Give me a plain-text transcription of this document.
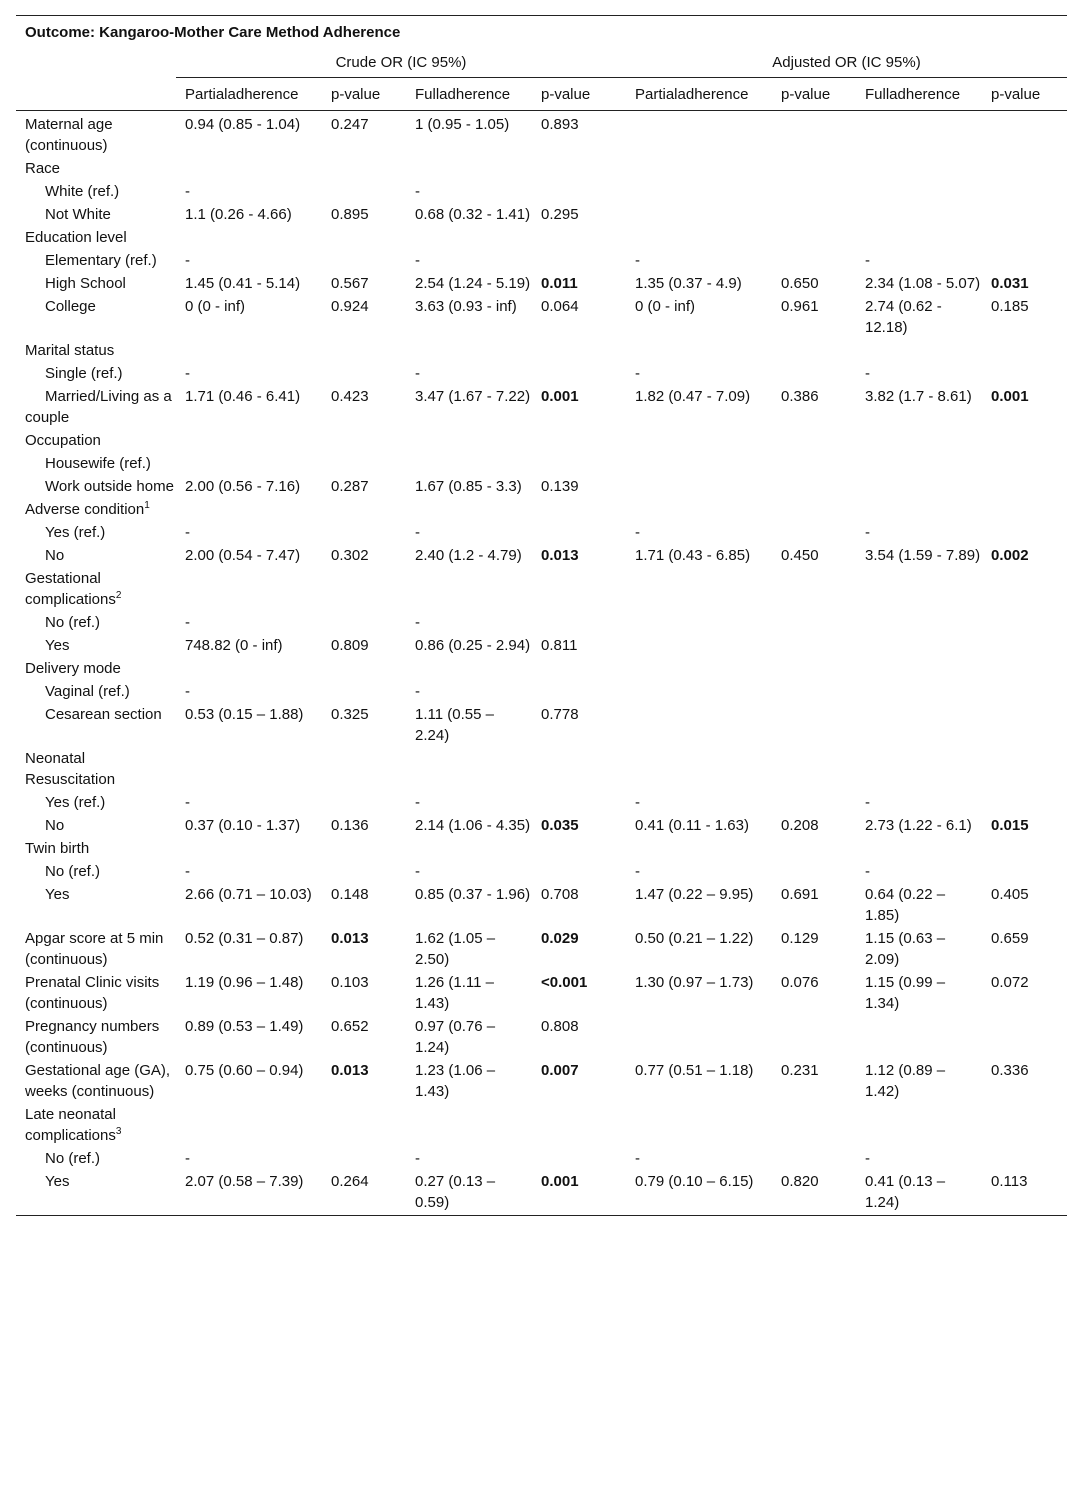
Outcome: Kangaroo-Mother Care Method Adherence								
	Crude OR (IC 95%)				Adjusted OR (IC 95%)			
	Partialadherence	p-value	Fulladherence	p-value	Partialadherence	p-value	Fulladherence	p-value
Maternal age (continuous)	0.94 (0.85 - 1.04)	0.247	1 (0.95 - 1.05)	0.893				
Race								
White (ref.)	-		-					
Not White	1.1 (0.26 - 4.66)	0.895	0.68 (0.32 - 1.41)	0.295				
Education level								
Elementary (ref.)	-		-		-		-	
High School	1.45 (0.41 - 5.14)	0.567	2.54 (1.24 - 5.19)	0.011	1.35 (0.37 - 4.9)	0.650	2.34 (1.08 - 5.07)	0.031
College	0 (0 - inf)	0.924	3.63 (0.93 - inf)	0.064	0 (0 - inf)	0.961	2.74 (0.62 - 12.18)	0.185
Marital status								
Single (ref.)	-		-		-		-	
Married/Living as a couple	1.71 (0.46 - 6.41)	0.423	3.47 (1.67 - 7.22)	0.001	1.82 (0.47 - 7.09)	0.386	3.82 (1.7 - 8.61)	0.001
Occupation								
Housewife (ref.)								
Work outside home	2.00 (0.56 - 7.16)	0.287	1.67 (0.85 - 3.3)	0.139				
Adverse condition$^1$								
Yes (ref.)	-		-		-		-	
No	2.00 (0.54 - 7.47)	0.302	2.40 (1.2 - 4.79)	0.013	1.71 (0.43 - 6.85)	0.450	3.54 (1.59 - 7.89)	0.002
Gestational complications$^2$								
No (ref.)	-		-					
Yes	748.82 (0 - inf)	0.809	0.86 (0.25 - 2.94)	0.811				
Delivery mode								
Vaginal (ref.)	-		-					
Cesarean section	0.53 (0.15 – 1.88)	0.325	1.11 (0.55 – 2.24)	0.778				
Neonatal Resuscitation								
Yes (ref.)	-		-		-		-	
No	0.37 (0.10 - 1.37)	0.136	2.14 (1.06 - 4.35)	0.035	0.41 (0.11 - 1.63)	0.208	2.73 (1.22 - 6.1)	0.015
Twin birth								
No (ref.)	-		-		-		-	
Yes	2.66 (0.71 – 10.03)	0.148	0.85 (0.37 - 1.96)	0.708	1.47 (0.22 – 9.95)	0.691	0.64 (0.22 – 1.85)	0.405
Apgar score at 5 min (continuous)	0.52 (0.31 – 0.87)	0.013	1.62 (1.05 – 2.50)	0.029	0.50 (0.21 – 1.22)	0.129	1.15 (0.63 – 2.09)	0.659
Prenatal Clinic visits (continuous)	1.19 (0.96 – 1.48)	0.103	1.26 (1.11 – 1.43)	<0.001	1.30 (0.97 – 1.73)	0.076	1.15 (0.99 – 1.34)	0.072
Pregnancy numbers (continuous)	0.89 (0.53 – 1.49)	0.652	0.97 (0.76 – 1.24)	0.808				
Gestational age (GA), weeks (continuous)	0.75 (0.60 – 0.94)	0.013	1.23 (1.06 – 1.43)	0.007	0.77 (0.51 – 1.18)	0.231	1.12 (0.89 – 1.42)	0.336
Late neonatal complications$^3$								
No (ref.)	-		-		-		-	
Yes	2.07 (0.58 – 7.39)	0.264	0.27 (0.13 – 0.59)	0.001	0.79 (0.10 – 6.15)	0.820	0.41 (0.13 – 1.24)	0.113
